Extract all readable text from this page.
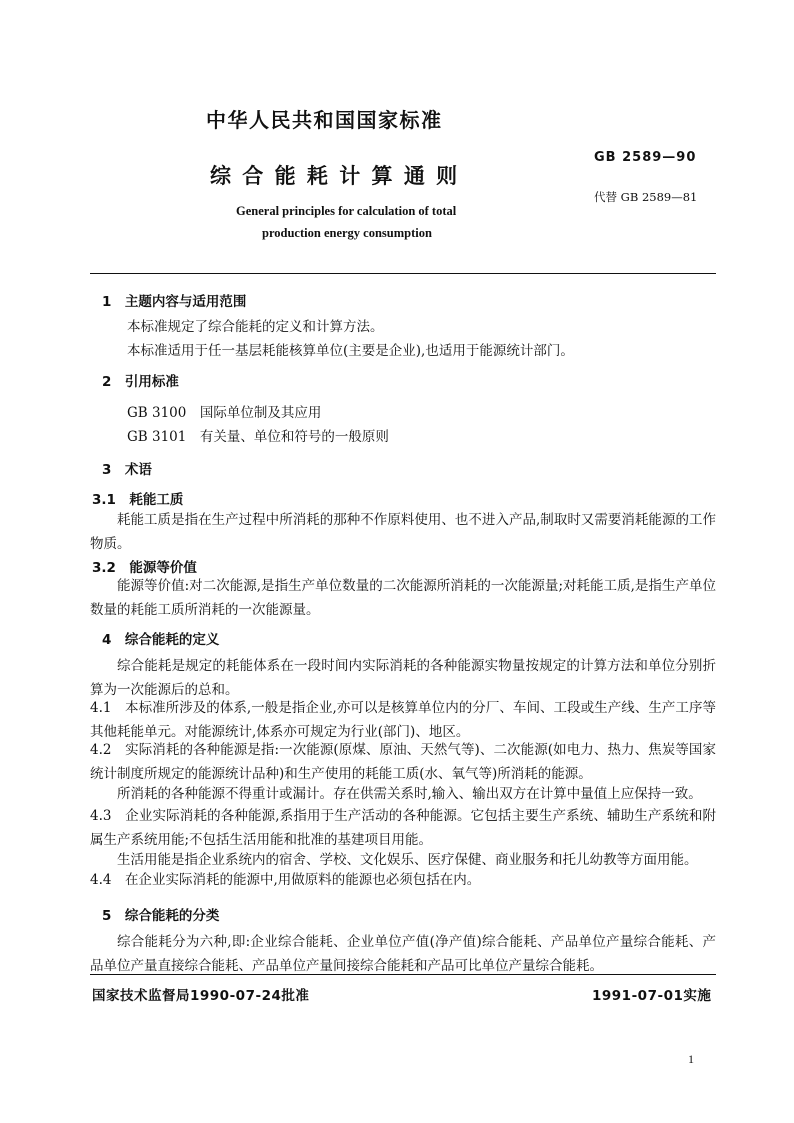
中华人民共和国国家标准
GB 2589—90
综 合 能 耗 计 算 通 则
代替 GB 2589—81
General principles for calculation of total
production energy consumption
1　主题内容与适用范围
本标准规定了综合能耗的定义和计算方法。
本标准适用于任一基层耗能核算单位(主要是企业),也适用于能源统计部门。
2　引用标准
GB 3100　国际单位制及其应用
GB 3101　有关量、单位和符号的一般原则
3　术语
3.1　耗能工质
耗能工质是指在生产过程中所消耗的那种不作原料使用、也不进入产品,制取时又需要消耗能源的工作物质。
3.2　能源等价值
能源等价值:对二次能源,是指生产单位数量的二次能源所消耗的一次能源量;对耗能工质,是指生产单位数量的耗能工质所消耗的一次能源量。
4　综合能耗的定义
综合能耗是规定的耗能体系在一段时间内实际消耗的各种能源实物量按规定的计算方法和单位分别折算为一次能源后的总和。
4.1　本标准所涉及的体系,一般是指企业,亦可以是核算单位内的分厂、车间、工段或生产线、生产工序等其他耗能单元。对能源统计,体系亦可规定为行业(部门)、地区。
4.2　实际消耗的各种能源是指:一次能源(原煤、原油、天然气等)、二次能源(如电力、热力、焦炭等国家统计制度所规定的能源统计品种)和生产使用的耗能工质(水、氧气等)所消耗的能源。
所消耗的各种能源不得重计或漏计。存在供需关系时,输入、输出双方在计算中量值上应保持一致。
4.3　企业实际消耗的各种能源,系指用于生产活动的各种能源。它包括主要生产系统、辅助生产系统和附属生产系统用能;不包括生活用能和批准的基建项目用能。
生活用能是指企业系统内的宿舍、学校、文化娱乐、医疗保健、商业服务和托儿幼教等方面用能。
4.4　在企业实际消耗的能源中,用做原料的能源也必须包括在内。
5　综合能耗的分类
综合能耗分为六种,即:企业综合能耗、企业单位产值(净产值)综合能耗、产品单位产量综合能耗、产品单位产量直接综合能耗、产品单位产量间接综合能耗和产品可比单位产量综合能耗。
国家技术监督局1990-07-24批准	1991-07-01实施
1
